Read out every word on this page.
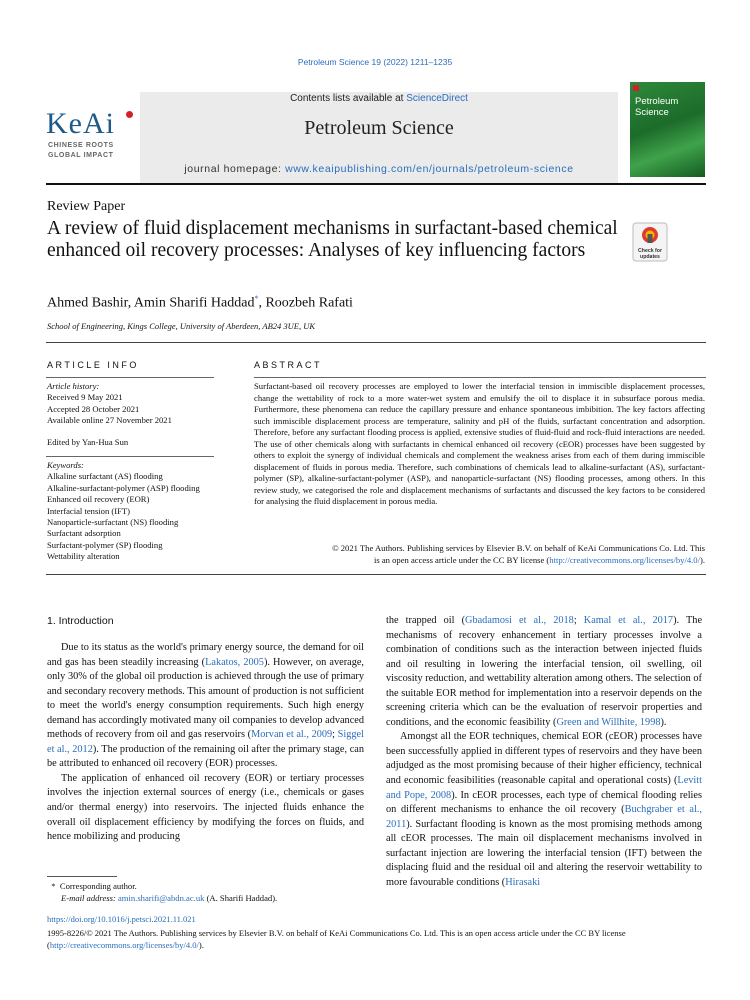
Petroleum Science 19 (2022) 1211–1235
Contents lists available at ScienceDirect
Petroleum Science
journal homepage: www.keaipublishing.com/en/journals/petroleum-science
KeAi
CHINESE ROOTS
GLOBAL IMPACT
Petroleum Science
Review Paper
A review of fluid displacement mechanisms in surfactant-based chemical enhanced oil recovery processes: Analyses of key influencing factors	Check for
updates
Ahmed Bashir, Amin Sharifi Haddad*, Roozbeh Rafati
School of Engineering, Kings College, University of Aberdeen, AB24 3UE, UK
ARTICLE INFO	ABSTRACT
Article history:
Received 9 May 2021
Accepted 28 October 2021
Available online 27 November 2021
Edited by Yan-Hua Sun
Keywords:
Alkaline surfactant (AS) flooding
Alkaline-surfactant-polymer (ASP) flooding
Enhanced oil recovery (EOR)
Interfacial tension (IFT)
Nanoparticle-surfactant (NS) flooding
Surfactant adsorption
Surfactant-polymer (SP) flooding
Wettability alteration
Surfactant-based oil recovery processes are employed to lower the interfacial tension in immiscible displacement processes, change the wettability of rock to a more water-wet system and emulsify the oil to displace it in subsurface porous media. Furthermore, these phenomena can reduce the capillary pressure and enhance spontaneous imbibition. The key factors affecting such immiscible displacement process are temperature, salinity and pH of the fluids, surfactant concentration and adsorption. Therefore, before any surfactant flooding process is applied, extensive studies of fluid-fluid and rock-fluid interactions are needed. The use of other chemicals along with surfactants in chemical enhanced oil recovery (cEOR) processes have been suggested by others to exploit the synergy of individual chemicals and complement the weakness arises from each of them during immiscible displacement of fluids in porous media. Therefore, such combinations of chemicals lead to alkaline-surfactant (AS), surfactant-polymer (SP), alkaline-surfactant-polymer (ASP), and nanoparticle-surfactant (NS) flooding processes, among others. In this review study, we categorised the role and displacement mechanisms of surfactants and discussed the key factors to be considered for analysing the fluid displacement in porous media.
© 2021 The Authors. Publishing services by Elsevier B.V. on behalf of KeAi Communications Co. Ltd. This
is an open access article under the CC BY license (http://creativecommons.org/licenses/by/4.0/).
1. Introduction

Due to its status as the world's primary energy source, the demand for oil and gas has been steadily increasing (Lakatos, 2005). However, on average, only 30% of the global oil production is achieved through the use of primary and secondary recovery methods. This amount of production is not sufficient to meet the world's energy consumption requirements. Such high energy demand has accordingly motivated many oil companies to develop advanced methods of recovery from oil and gas reservoirs (Morvan et al., 2009; Siggel et al., 2012). The production of the remaining oil after the primary stage, can be attributed to enhanced oil recovery (EOR) processes.

The application of enhanced oil recovery (EOR) or tertiary processes involves the injection external sources of energy (i.e., chemicals or gases and/or thermal energy) into reservoirs. The injected fluids enhance the overall oil displacement efficiency by modifying the forces on fluids, and hence mobilizing and producing

the trapped oil (Gbadamosi et al., 2018; Kamal et al., 2017). The mechanisms of recovery enhancement in tertiary processes involve a combination of conditions such as the interaction between injected fluids and oil resulting in lowering the interfacial tension, oil swelling, oil viscosity reduction, and wettability alteration among others. The selection of the suitable EOR method for implementation into a reservoir depends on the screening criteria which can be the evaluation of reservoir properties and conditions, and the economic feasibility (Green and Willhite, 1998).

Amongst all the EOR techniques, chemical EOR (cEOR) processes have been successfully applied in different types of reservoirs and they have been adjudged as the most promising because of their higher efficiency, technical and economic feasibilities (reasonable capital and operational costs) (Levitt and Pope, 2008). In cEOR processes, each type of chemical flooding relies on different mechanisms to enhance the oil recovery (Buchgraber et al., 2011). Surfactant flooding is known as the most promising methods among all cEOR processes. The main oil displacement mechanisms involved in surfactant injection are lowering the interfacial tension (IFT) between the displacing fluid and the residual oil and altering the reservoir wettability to more favourable conditions (Hirasaki

* Corresponding author.
E-mail address: amin.sharifi@abdn.ac.uk (A. Sharifi Haddad).
https://doi.org/10.1016/j.petsci.2021.11.021
1995-8226/© 2021 The Authors. Publishing services by Elsevier B.V. on behalf of KeAi Communications Co. Ltd. This is an open access article under the CC BY license (http://creativecommons.org/licenses/by/4.0/).
